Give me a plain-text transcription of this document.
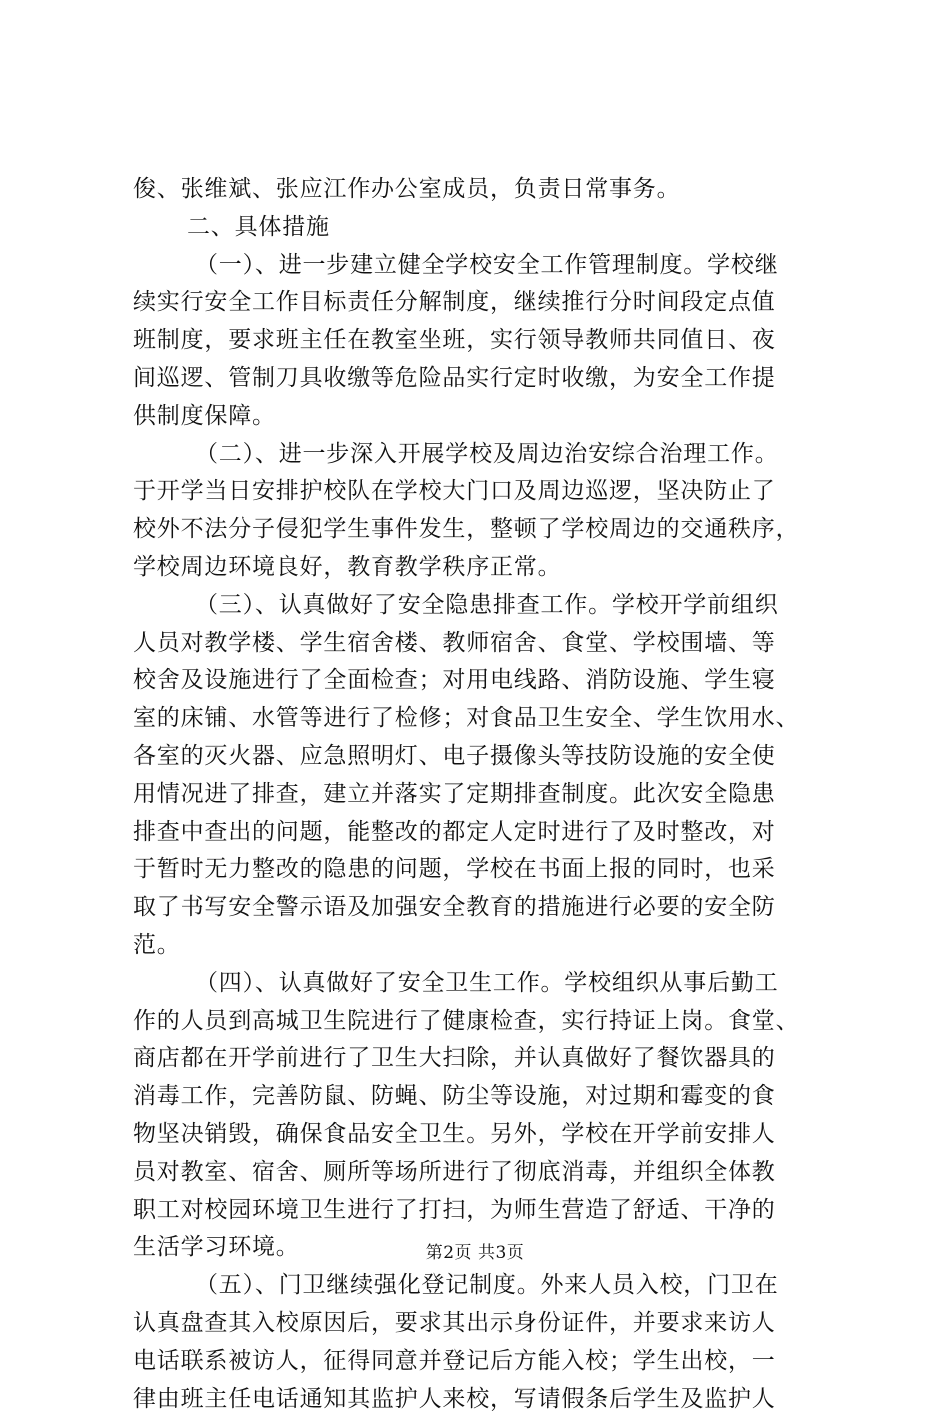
俊、张维斌、张应江作办公室成员，负责日常事务。
二、具体措施
（一）、进一步建立健全学校安全工作管理制度。学校继
续实行安全工作目标责任分解制度，继续推行分时间段定点值
班制度，要求班主任在教室坐班，实行领导教师共同值日、夜
间巡逻、管制刀具收缴等危险品实行定时收缴，为安全工作提
供制度保障。
（二）、进一步深入开展学校及周边治安综合治理工作。
于开学当日安排护校队在学校大门口及周边巡逻，坚决防止了
校外不法分子侵犯学生事件发生，整顿了学校周边的交通秩序，
学校周边环境良好，教育教学秩序正常。
（三）、认真做好了安全隐患排查工作。学校开学前组织
人员对教学楼、学生宿舍楼、教师宿舍、食堂、学校围墙、等
校舍及设施进行了全面检查；对用电线路、消防设施、学生寝
室的床铺、水管等进行了检修；对食品卫生安全、学生饮用水、
各室的灭火器、应急照明灯、电子摄像头等技防设施的安全使
用情况进了排查，建立并落实了定期排查制度。此次安全隐患
排查中查出的问题，能整改的都定人定时进行了及时整改，对
于暂时无力整改的隐患的问题，学校在书面上报的同时，也采
取了书写安全警示语及加强安全教育的措施进行必要的安全防
范。
（四）、认真做好了安全卫生工作。学校组织从事后勤工
作的人员到高城卫生院进行了健康检查，实行持证上岗。食堂、
商店都在开学前进行了卫生大扫除，并认真做好了餐饮器具的
消毒工作，完善防鼠、防蝇、防尘等设施，对过期和霉变的食
物坚决销毁，确保食品安全卫生。另外，学校在开学前安排人
员对教室、宿舍、厕所等场所进行了彻底消毒，并组织全体教
职工对校园环境卫生进行了打扫，为师生营造了舒适、干净的
生活学习环境。
（五）、门卫继续强化登记制度。外来人员入校，门卫在
认真盘查其入校原因后，要求其出示身份证件，并要求来访人
电话联系被访人，征得同意并登记后方能入校；学生出校，一
律由班主任电话通知其监护人来校，写请假条后学生及监护人
第2页 共3页
